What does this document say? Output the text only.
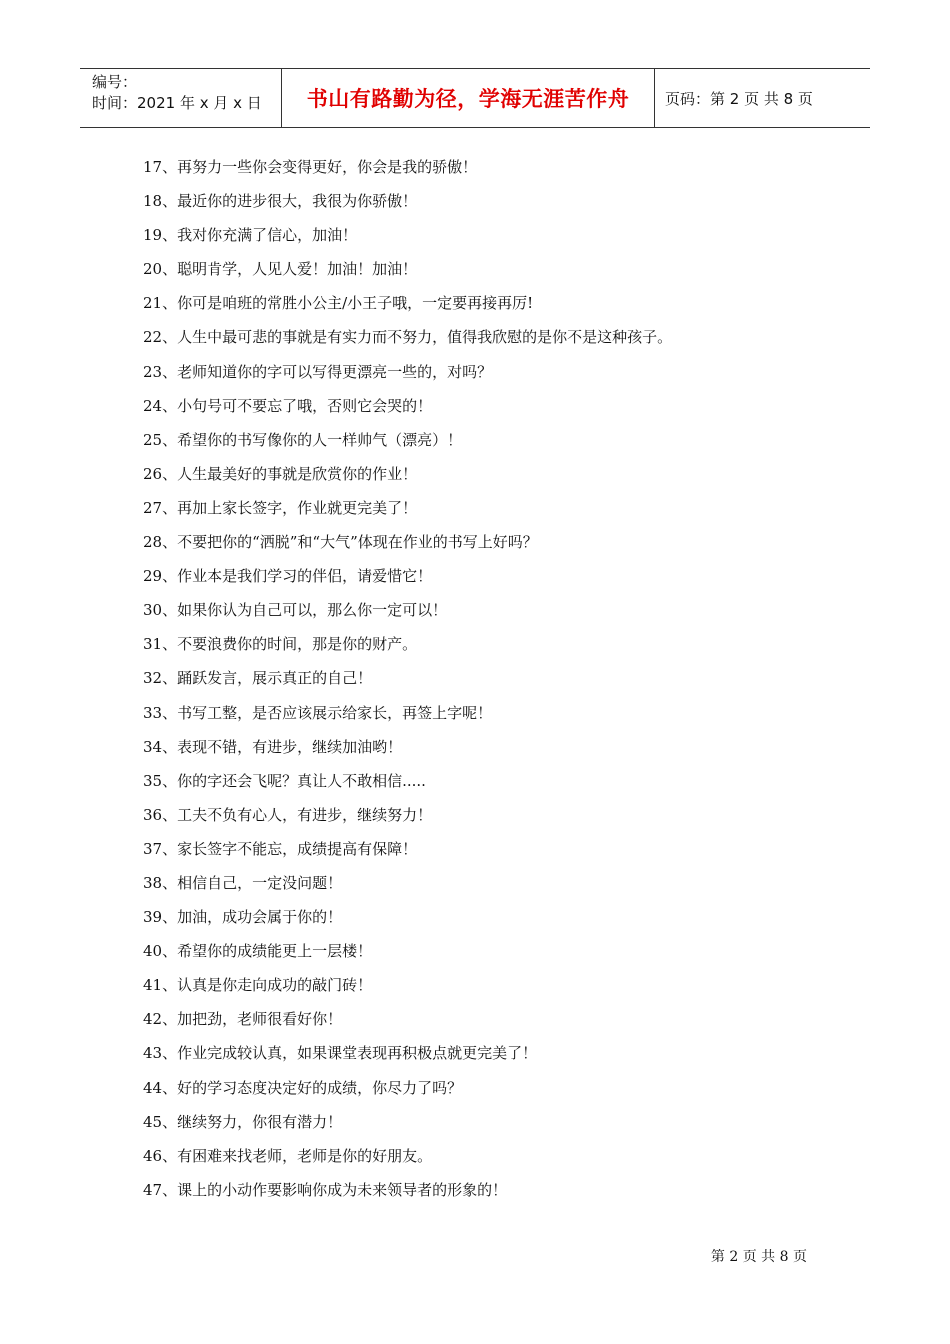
编号：
时间：2021 年 x 月 x 日	书山有路勤为径，学海无涯苦作舟 页码：第 2 页 共 8 页
17、再努力一些你会变得更好，你会是我的骄傲！
18、最近你的进步很大，我很为你骄傲！
19、我对你充满了信心，加油！
20、聪明肯学，人见人爱！加油！加油！
21、你可是咱班的常胜小公主/小王子哦，一定要再接再厉!
22、人生中最可悲的事就是有实力而不努力，值得我欣慰的是你不是这种孩子。
23、老师知道你的字可以写得更漂亮一些的，对吗？
24、小句号可不要忘了哦，否则它会哭的！
25、希望你的书写像你的人一样帅气（漂亮）！
26、人生最美好的事就是欣赏你的作业！
27、再加上家长签字，作业就更完美了！
28、不要把你的“洒脱”和“大气”体现在作业的书写上好吗？
29、作业本是我们学习的伴侣，请爱惜它！
30、如果你认为自己可以，那么你一定可以！
31、不要浪费你的时间，那是你的财产。
32、踊跃发言，展示真正的自己！
33、书写工整，是否应该展示给家长，再签上字呢！
34、表现不错，有进步，继续加油哟！
35、你的字还会飞呢？真让人不敢相信.....
36、工夫不负有心人，有进步，继续努力！
37、家长签字不能忘，成绩提高有保障！
38、相信自己，一定没问题！
39、加油，成功会属于你的！
40、希望你的成绩能更上一层楼！
41、认真是你走向成功的敲门砖！
42、加把劲，老师很看好你！
43、作业完成较认真，如果课堂表现再积极点就更完美了！
44、好的学习态度决定好的成绩，你尽力了吗？
45、继续努力，你很有潜力！
46、有困难来找老师，老师是你的好朋友。
47、课上的小动作要影响你成为未来领导者的形象的！
第 2 页 共 8 页
